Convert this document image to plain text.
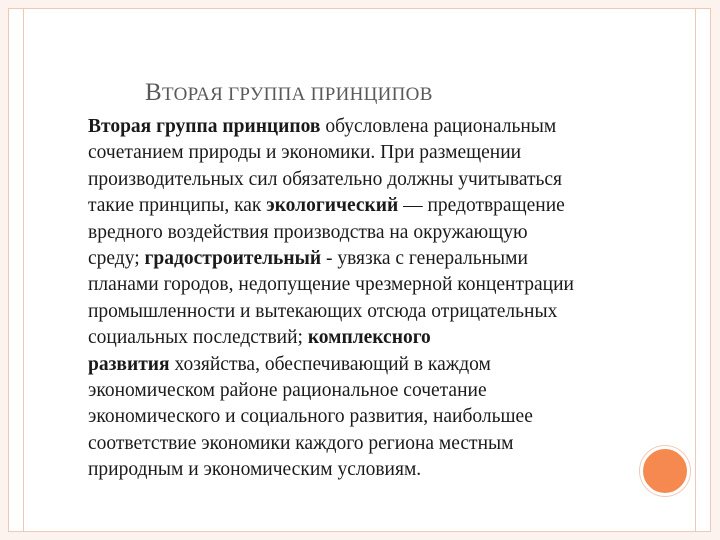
ВТОРАЯ ГРУППА ПРИНЦИПОВ
Вторая группа принципов обусловлена рациональным
сочетанием природы и экономики. При размещении
производительных сил обязательно должны учитываться
такие принципы, как экологический — предотвращение
вредного воздействия производства на окружающую
среду; градостроительный - увязка с генеральными
планами городов, недопущение чрезмерной концентрации
промышленности и вытекающих отсюда отрицательных
социальных последствий; комплексного
развития хозяйства, обеспечивающий в каждом
экономическом районе рациональное сочетание
экономического и социального развития, наибольшее
соответствие экономики каждого региона местным
природным и экономическим условиям.
